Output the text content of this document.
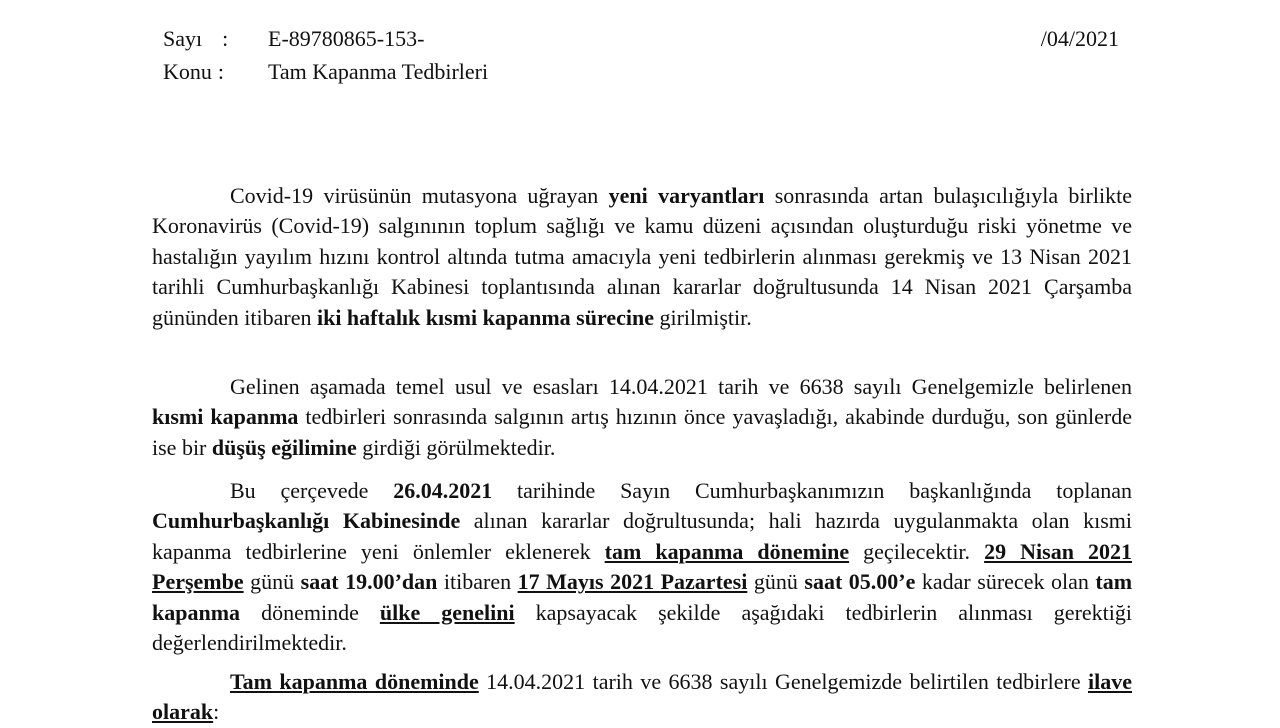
Sayı : E-89780865-153-	/04/2021
Konu : Tam Kapanma Tedbirleri

Covid-19 virüsünün mutasyona uğrayan yeni varyantları sonrasında artan bulaşıcılığıyla birlikte Koronavirüs (Covid-19) salgınının toplum sağlığı ve kamu düzeni açısından oluşturduğu riski yönetme ve hastalığın yayılım hızını kontrol altında tutma amacıyla yeni tedbirlerin alınması gerekmiş ve 13 Nisan 2021 tarihli Cumhurbaşkanlığı Kabinesi toplantısında alınan kararlar doğrultusunda 14 Nisan 2021 Çarşamba gününden itibaren iki haftalık kısmi kapanma sürecine girilmiştir.

Gelinen aşamada temel usul ve esasları 14.04.2021 tarih ve 6638 sayılı Genelgemizle belirlenen kısmi kapanma tedbirleri sonrasında salgının artış hızının önce yavaşladığı, akabinde durduğu, son günlerde ise bir düşüş eğilimine girdiği görülmektedir.

Bu çerçevede 26.04.2021 tarihinde Sayın Cumhurbaşkanımızın başkanlığında toplanan Cumhurbaşkanlığı Kabinesinde alınan kararlar doğrultusunda; hali hazırda uygulanmakta olan kısmi kapanma tedbirlerine yeni önlemler eklenerek tam kapanma dönemine geçilecektir. 29 Nisan 2021 Perşembe günü saat 19.00’dan itibaren 17 Mayıs 2021 Pazartesi günü saat 05.00’e kadar sürecek olan tam kapanma döneminde ülke genelini kapsayacak şekilde aşağıdaki tedbirlerin alınması gerektiği değerlendirilmektedir.

Tam kapanma döneminde 14.04.2021 tarih ve 6638 sayılı Genelgemizde belirtilen tedbirlere ilave olarak:
